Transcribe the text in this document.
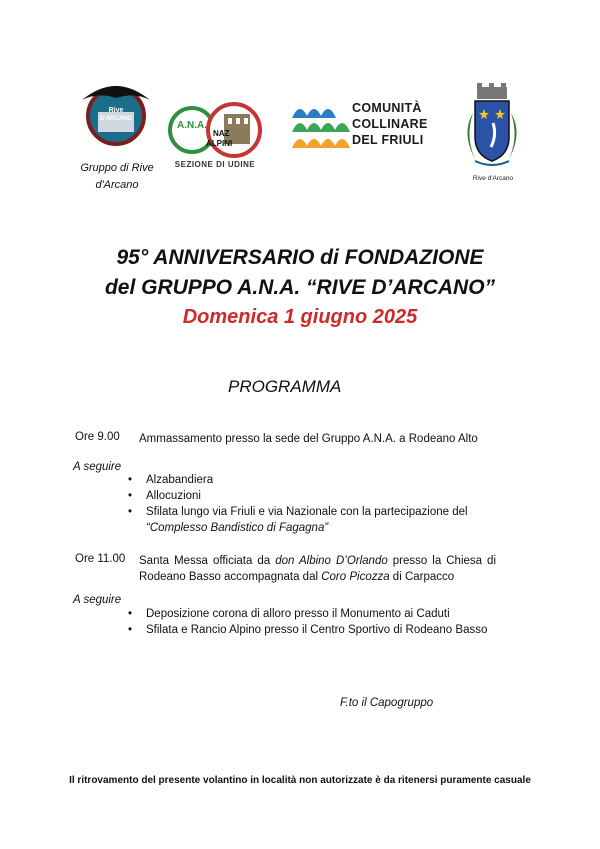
Rive
D'ARCANO
Gruppo di Rive
d'Arcano
A.N.A.
NAZ
ALPINI
SEZIONE DI UDINE
COMUNITÀ
COLLINARE
DEL FRIULI
Rive d'Arcano
95° ANNIVERSARIO di FONDAZIONE
del GRUPPO A.N.A. “RIVE D’ARCANO”
Domenica 1 giugno 2025
PROGRAMMA
Ore 9.00 Ammassamento presso la sede del Gruppo A.N.A. a Rodeano Alto
A seguire
• Alzabandiera
• Allocuzioni
• Sfilata lungo via Friuli e via Nazionale con la partecipazione del
“Complesso Bandistico di Fagagna”
Ore 11.00 Santa Messa officiata da don Albino D’Orlando presso la Chiesa di Rodeano Basso accompagnata dal Coro Picozza di Carpacco
A seguire
• Deposizione corona di alloro presso il Monumento ai Caduti
• Sfilata e Rancio Alpino presso il Centro Sportivo di Rodeano Basso
F.to il Capogruppo
Il ritrovamento del presente volantino in località non autorizzate è da ritenersi puramente casuale
